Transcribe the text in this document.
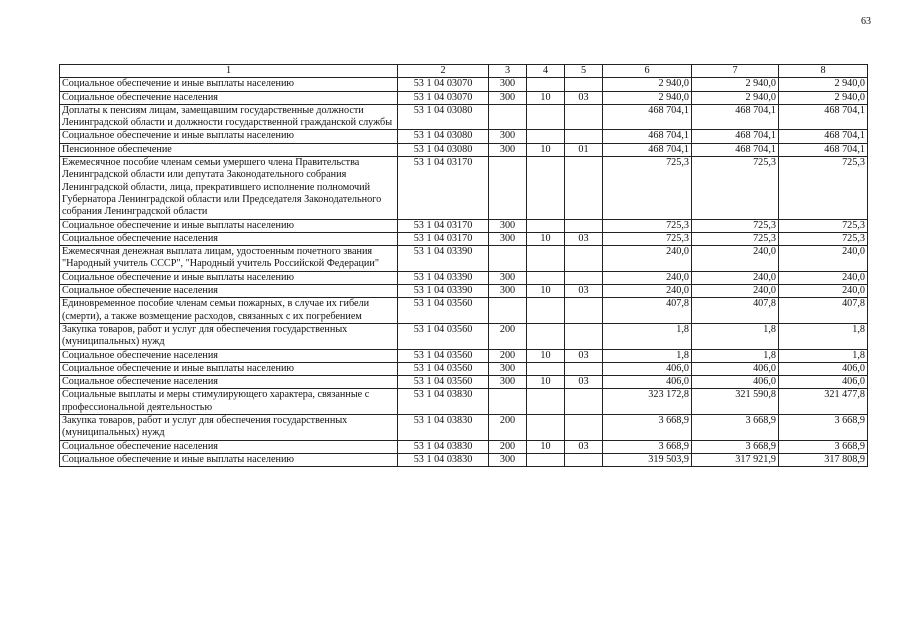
63
1	2	3	4	5	6	7	8
Социальное обеспечение и иные выплаты населению	53 1 04 03070	300			2 940,0	2 940,0	2 940,0
Социальное обеспечение населения	53 1 04 03070	300	10	03	2 940,0	2 940,0	2 940,0
Доплаты к пенсиям лицам, замещавшим государственные должности Ленинградской области и должности государственной гражданской службы	53 1 04 03080				468 704,1	468 704,1	468 704,1
Социальное обеспечение и иные выплаты населению	53 1 04 03080	300			468 704,1	468 704,1	468 704,1
Пенсионное обеспечение	53 1 04 03080	300	10	01	468 704,1	468 704,1	468 704,1
Ежемесячное пособие членам семьи умершего члена Правительства Ленинградской области или депутата Законодательного собрания Ленинградской области, лица, прекратившего исполнение полномочий Губернатора Ленинградской области или Председателя Законодательного собрания Ленинградской области	53 1 04 03170				725,3	725,3	725,3
Социальное обеспечение и иные выплаты населению	53 1 04 03170	300			725,3	725,3	725,3
Социальное обеспечение населения	53 1 04 03170	300	10	03	725,3	725,3	725,3
Ежемесячная денежная выплата лицам, удостоенным почетного звания "Народный учитель СССР", "Народный учитель Российской Федерации"	53 1 04 03390				240,0	240,0	240,0
Социальное обеспечение и иные выплаты населению	53 1 04 03390	300			240,0	240,0	240,0
Социальное обеспечение населения	53 1 04 03390	300	10	03	240,0	240,0	240,0
Единовременное пособие членам семьи пожарных, в случае их гибели (смерти), а также возмещение расходов, связанных с их погребением	53 1 04 03560				407,8	407,8	407,8
Закупка товаров, работ и услуг для обеспечения государственных (муниципальных) нужд	53 1 04 03560	200			1,8	1,8	1,8
Социальное обеспечение населения	53 1 04 03560	200	10	03	1,8	1,8	1,8
Социальное обеспечение и иные выплаты населению	53 1 04 03560	300			406,0	406,0	406,0
Социальное обеспечение населения	53 1 04 03560	300	10	03	406,0	406,0	406,0
Социальные выплаты и меры стимулирующего характера, связанные с профессиональной деятельностью	53 1 04 03830				323 172,8	321 590,8	321 477,8
Закупка товаров, работ и услуг для обеспечения государственных (муниципальных) нужд	53 1 04 03830	200			3 668,9	3 668,9	3 668,9
Социальное обеспечение населения	53 1 04 03830	200	10	03	3 668,9	3 668,9	3 668,9
Социальное обеспечение и иные выплаты населению	53 1 04 03830	300			319 503,9	317 921,9	317 808,9
